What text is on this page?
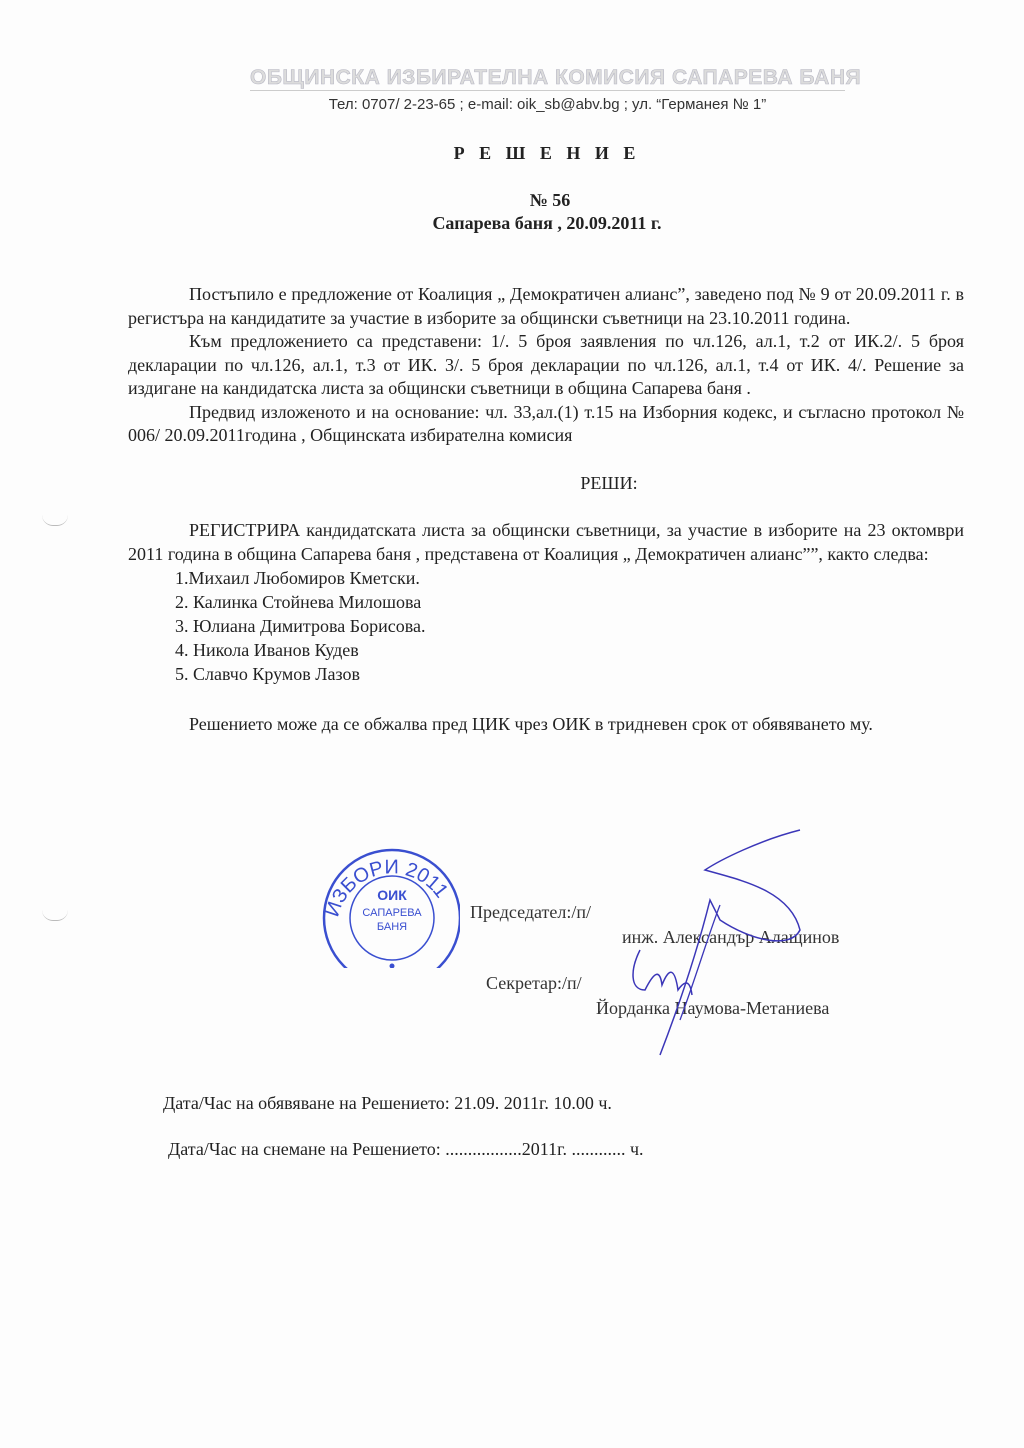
ОБЩИНСКА ИЗБИРАТЕЛНА КОМИСИЯ САПАРЕВА БАНЯ
Тел: 0707/ 2-23-65 ; e-mail: oik_sb@abv.bg ; ул. “Германея № 1”
Р Е Ш Е Н И Е
№ 56
Сапарева баня , 20.09.2011 г.

Постъпило е предложение от Коалиция „ Демократичен алианс”, заведено под № 9 от 20.09.2011 г. в регистъра на кандидатите за участие в изборите за общински съветници на 23.10.2011 година.

Към предложението са представени: 1/. 5 броя заявления по чл.126, ал.1, т.2 от ИК.2/. 5 броя декларации по чл.126, ал.1, т.3 от ИК. 3/. 5 броя декларации по чл.126, ал.1, т.4 от ИК. 4/. Решение за издигане на кандидатска листа за общински съветници в община Сапарева баня .

Предвид изложеното и на основание: чл. 33,ал.(1) т.15 на Изборния кодекс, и съгласно протокол № 006/ 20.09.2011година , Общинската избирателна комисия

РЕШИ:

РЕГИСТРИРА кандидатската листа за общински съветници, за участие в изборите на 23 октомври 2011 година в община Сапарева баня , представена от Коалиция „ Демократичен алианс””, както следва:

1.Михаил Любомиров Кметски.
2. Калинка Стойнева Милошова
3. Юлиана Димитрова Борисова.
4. Никола Иванов Кудев
5. Славчо Крумов Лазов

Решението може да се обжалва пред ЦИК чрез ОИК в тридневен срок от обявяването му.

ИЗБОРИ 2011
ОИК
САПАРЕВА
БАНЯ
Председател:/п/
инж. Александър Алащинов
Секретар:/п/
Йорданка Наумова-Метаниева
Дата/Час на обявяване на Решението: 21.09. 2011г. 10.00 ч.
Дата/Час на снемане на Решението: .................2011г. ............ ч.
